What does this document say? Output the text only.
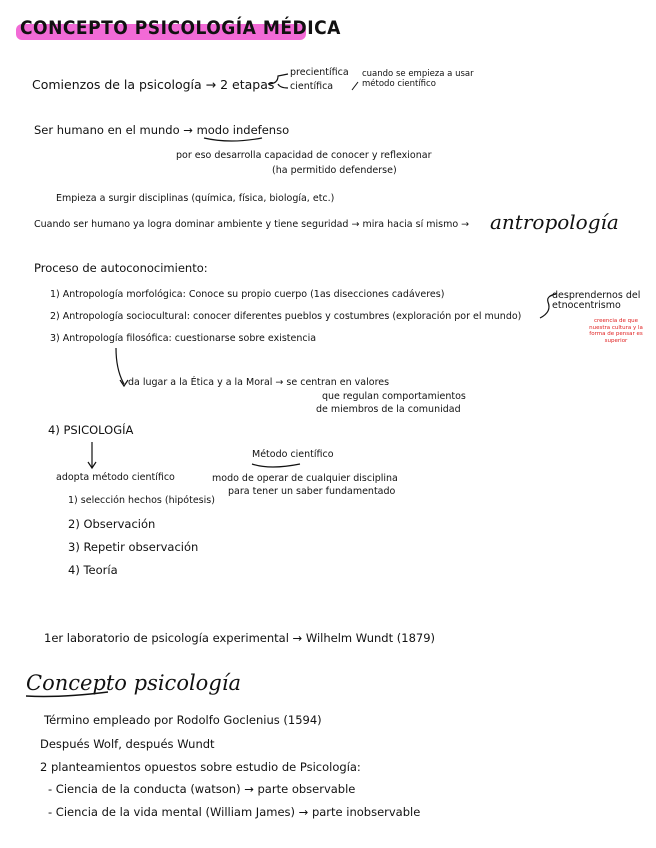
CONCEPTO PSICOLOGÍA MÉDICA
Comienzos de la psicología → 2 etapas
precientífica
científica
cuando se empieza a usar método científico
Ser humano en el mundo → modo indefenso
por eso desarrolla capacidad de conocer y reflexionar
(ha permitido defenderse)
Empieza a surgir disciplinas (química, física, biología, etc.)
Cuando ser humano ya logra dominar ambiente y tiene seguridad → mira hacia sí mismo → antropología
Proceso de autoconocimiento:
1) Antropología morfológica: Conoce su propio cuerpo (1as disecciones cadáveres)
2) Antropología sociocultural: conocer diferentes pueblos y costumbres (exploración por el mundo)
3) Antropología filosófica: cuestionarse sobre existencia
desprendernos del etnocentrismo
creencia de que nuestra cultura y la forma de pensar es superior
da lugar a la Ética y a la Moral → se centran en valores
que regulan comportamientos
de miembros de la comunidad
4) PSICOLOGÍA
adopta método científico
Método científico
modo de operar de cualquier disciplina
para tener un saber fundamentado
1) selección hechos (hipótesis)
2) Observación
3) Repetir observación
4) Teoría
1er laboratorio de psicología experimental → Wilhelm Wundt (1879)
Concepto psicología
Término empleado por Rodolfo Goclenius (1594)
Después Wolf, después Wundt
2 planteamientos opuestos sobre estudio de Psicología:
- Ciencia de la conducta (watson) → parte observable
- Ciencia de la vida mental (William James) → parte inobservable
